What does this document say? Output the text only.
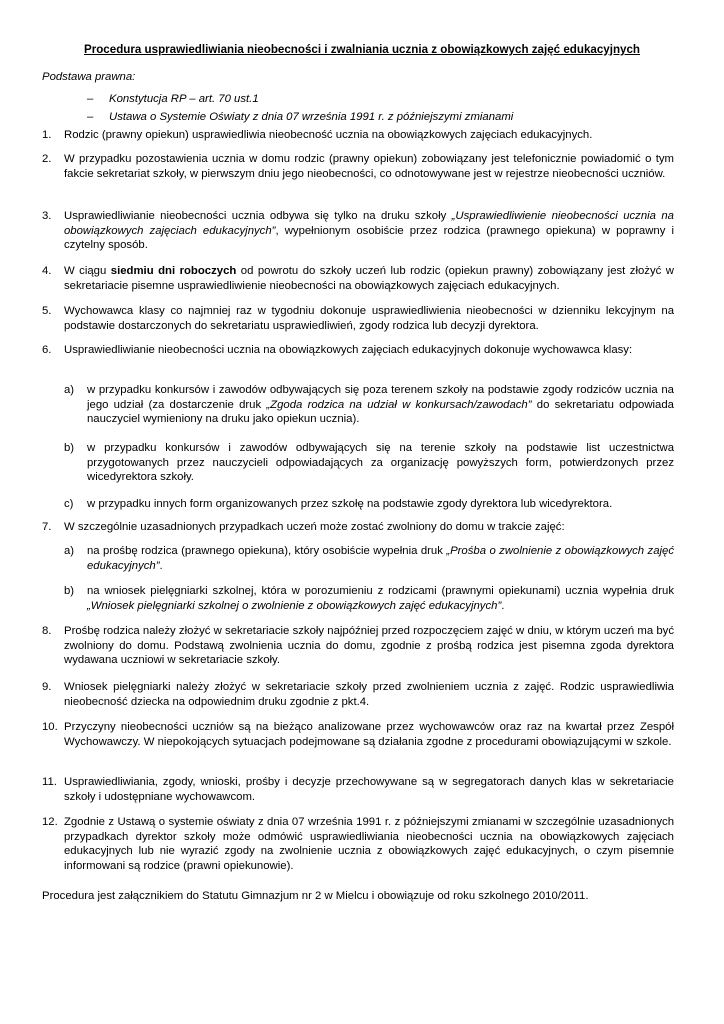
Procedura usprawiedliwiania nieobecności i zwalniania ucznia z obowiązkowych zajęć edukacyjnych
Podstawa prawna:
– Konstytucja RP – art. 70 ust.1
– Ustawa o Systemie Oświaty z dnia 07 września 1991 r. z późniejszymi zmianami
1. Rodzic (prawny opiekun) usprawiedliwia nieobecność ucznia na obowiązkowych zajęciach edukacyjnych.
2. W przypadku pozostawienia ucznia w domu rodzic (prawny opiekun) zobowiązany jest telefonicznie powiadomić o tym fakcie sekretariat szkoły, w pierwszym dniu jego nieobecności, co odnotowywane jest w rejestrze nieobecności uczniów.
3. Usprawiedliwianie nieobecności ucznia odbywa się tylko na druku szkoły „Usprawiedliwienie nieobecności ucznia na obowiązkowych zajęciach edukacyjnych”, wypełnionym osobiście przez rodzica (prawnego opiekuna) w poprawny i czytelny sposób.
4. W ciągu siedmiu dni roboczych od powrotu do szkoły uczeń lub rodzic (opiekun prawny) zobowiązany jest złożyć w sekretariacie pisemne usprawiedliwienie nieobecności na obowiązkowych zajęciach edukacyjnych.
5. Wychowawca klasy co najmniej raz w tygodniu dokonuje usprawiedliwienia nieobecności w dzienniku lekcyjnym na podstawie dostarczonych do sekretariatu usprawiedliwień, zgody rodzica lub decyzji dyrektora.
6. Usprawiedliwianie nieobecności ucznia na obowiązkowych zajęciach edukacyjnych dokonuje wychowawca klasy:
a) w przypadku konkursów i zawodów odbywających się poza terenem szkoły na podstawie zgody rodziców ucznia na jego udział (za dostarczenie druk „Zgoda rodzica na udział w konkursach/zawodach” do sekretariatu odpowiada nauczyciel wymieniony na druku jako opiekun ucznia).
b) w przypadku konkursów i zawodów odbywających się na terenie szkoły na podstawie list uczestnictwa przygotowanych przez nauczycieli odpowiadających za organizację powyższych form, potwierdzonych przez wicedyrektora szkoły.
c) w przypadku innych form organizowanych przez szkołę na podstawie zgody dyrektora lub wicedyrektora.
7. W szczególnie uzasadnionych przypadkach uczeń może zostać zwolniony do domu w trakcie zajęć:
a) na prośbę rodzica (prawnego opiekuna), który osobiście wypełnia druk „Prośba o zwolnienie z obowiązkowych zajęć edukacyjnych”.
b) na wniosek pielęgniarki szkolnej, która w porozumieniu z rodzicami (prawnymi opiekunami) ucznia wypełnia druk „Wniosek pielęgniarki szkolnej o zwolnienie z obowiązkowych zajęć edukacyjnych”.
8. Prośbę rodzica należy złożyć w sekretariacie szkoły najpóźniej przed rozpoczęciem zajęć w dniu, w którym uczeń ma być zwolniony do domu. Podstawą zwolnienia ucznia do domu, zgodnie z prośbą rodzica jest pisemna zgoda dyrektora wydawana uczniowi w sekretariacie szkoły.
9. Wniosek pielęgniarki należy złożyć w sekretariacie szkoły przed zwolnieniem ucznia z zajęć. Rodzic usprawiedliwia nieobecność dziecka na odpowiednim druku zgodnie z pkt.4.
10. Przyczyny nieobecności uczniów są na bieżąco analizowane przez wychowawców oraz raz na kwartał przez Zespół Wychowawczy. W niepokojących sytuacjach podejmowane są działania zgodne z procedurami obowiązującymi w szkole.
11. Usprawiedliwiania, zgody, wnioski, prośby i decyzje przechowywane są w segregatorach danych klas w sekretariacie szkoły i udostępniane wychowawcom.
12. Zgodnie z Ustawą o systemie oświaty z dnia 07 września 1991 r. z późniejszymi zmianami w szczególnie uzasadnionych przypadkach dyrektor szkoły może odmówić usprawiedliwiania nieobecności ucznia na obowiązkowych zajęciach edukacyjnych lub nie wyrazić zgody na zwolnienie ucznia z obowiązkowych zajęć edukacyjnych, o czym pisemnie informowani są rodzice (prawni opiekunowie).
Procedura jest załącznikiem do Statutu Gimnazjum nr 2 w Mielcu i obowiązuje od roku szkolnego 2010/2011.
